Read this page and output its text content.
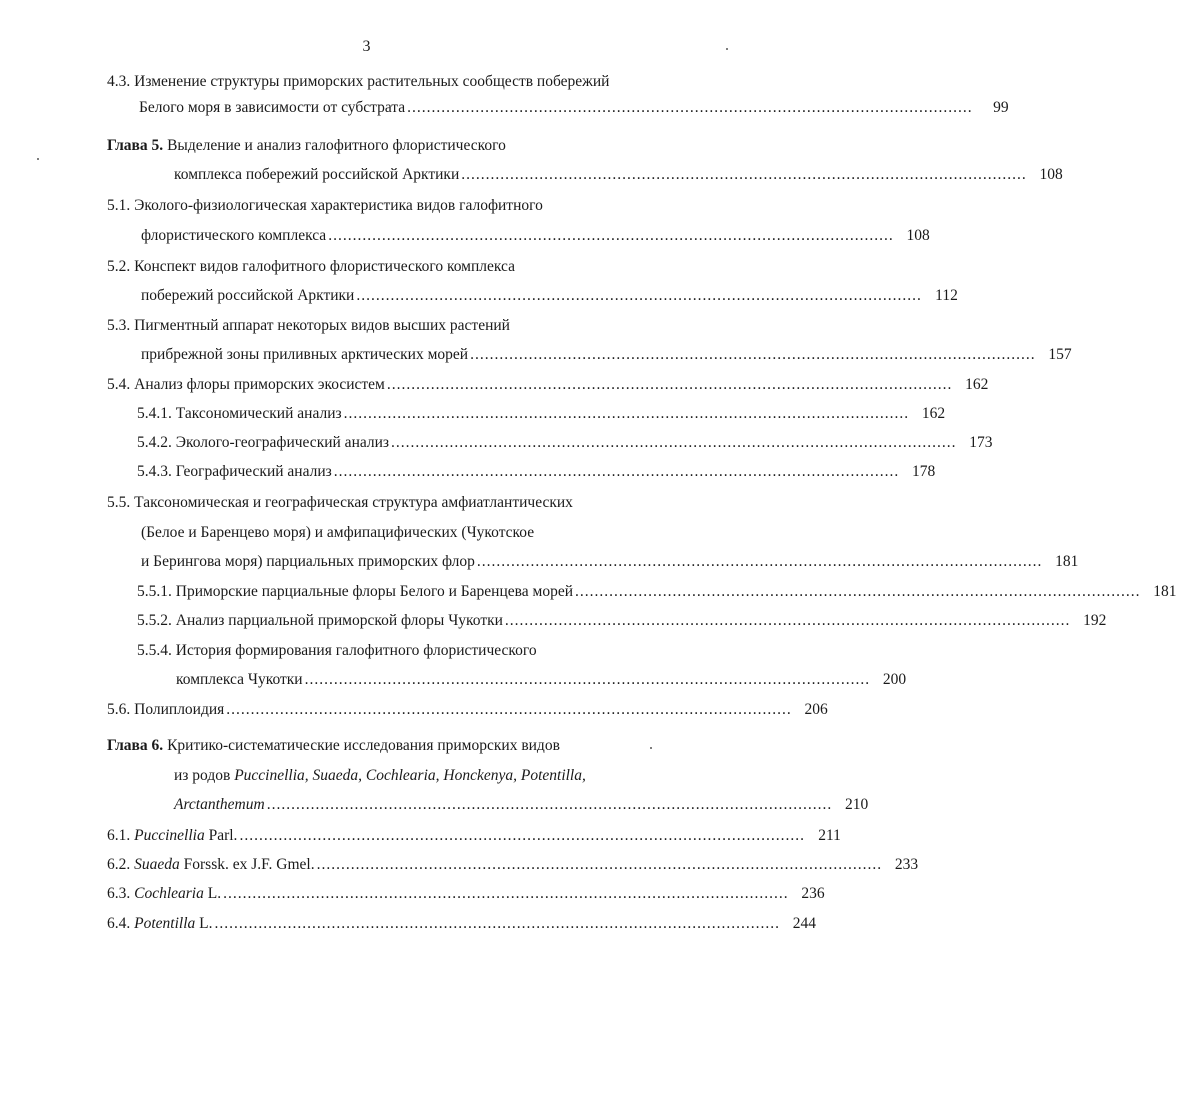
3
4.3. Изменение структуры приморских растительных сообществ побережий
Белого моря в зависимости от субстрата ....................................................................................................................	99
Глава 5. Выделение и анализ галофитного флористического
комплекса побережий российской Арктики .................................................................................................................... 108
5.1. Эколого-физиологическая характеристика видов галофитного
флористического комплекса .................................................................................................................... 108
5.2. Конспект видов галофитного флористического комплекса
побережий российской Арктики .................................................................................................................... 112
5.3. Пигментный аппарат некоторых видов высших растений
прибрежной зоны приливных арктических морей .................................................................................................................... 157
5.4. Анализ флоры приморских экосистем .................................................................................................................... 162
5.4.1. Таксономический анализ .................................................................................................................... 162
5.4.2. Эколого-географический анализ .................................................................................................................... 173
5.4.3. Географический анализ .................................................................................................................... 178
5.5. Таксономическая и географическая структура амфиатлантических
(Белое и Баренцево моря) и амфипацифических (Чукотское
и Берингова моря) парциальных приморских флор .................................................................................................................... 181
5.5.1. Приморские парциальные флоры Белого и Баренцева морей .................................................................................................................... 181
5.5.2. Анализ парциальной приморской флоры Чукотки .................................................................................................................... 192
5.5.4. История формирования галофитного флористического
комплекса Чукотки .................................................................................................................... 200
5.6. Полиплоидия .................................................................................................................... 206
Глава 6. Критико-систематические исследования приморских видов
из родов Puccinellia, Suaeda, Cochlearia, Honckenya, Potentilla,
Arctanthemum .................................................................................................................... 210
6.1. Puccinellia Parl. .................................................................................................................... 211
6.2. Suaeda Forssk. ex J.F. Gmel. .................................................................................................................... 233
6.3. Cochlearia L. .................................................................................................................... 236
6.4. Potentilla L. .................................................................................................................... 244
